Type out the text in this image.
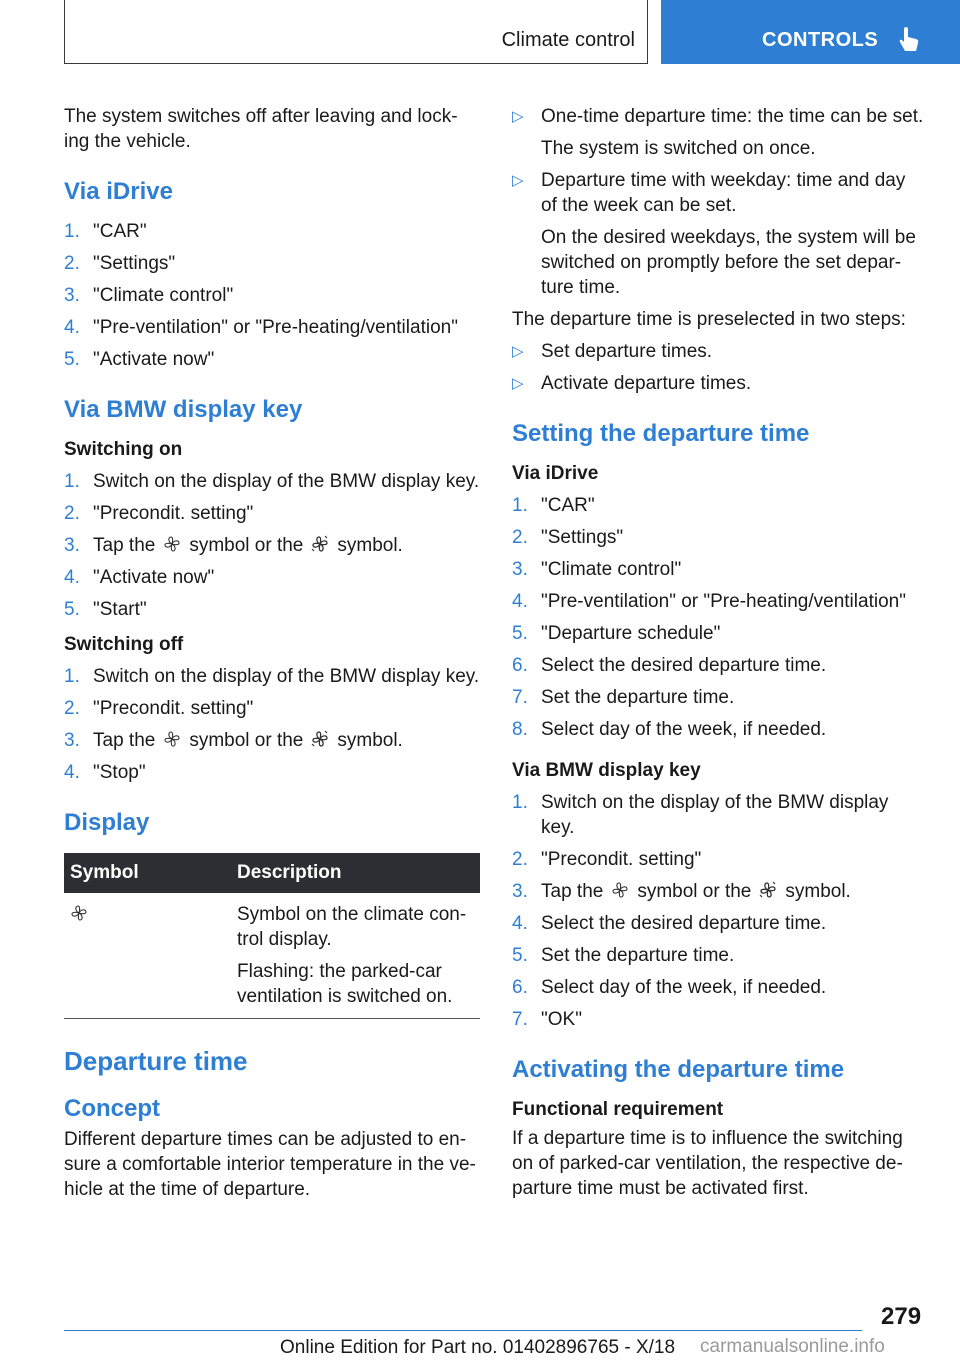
Climate control	CONTROLS

The system switches off after leaving and lock-ing the vehicle.

Via iDrive
1. "CAR"
2. "Settings"
3. "Climate control"
4. "Pre-ventilation" or "Pre-heating/ventilation"
5. "Activate now"
Via BMW display key
Switching on
1. Switch on the display of the BMW display key.
2. "Precondit. setting"
3. Tap the symbol or the symbol.
4. "Activate now"
5. "Start"
Switching off
1. Switch on the display of the BMW display key.
2. "Precondit. setting"
3. Tap the symbol or the symbol.
4. "Stop"
Display
Symbol	Description

Symbol on the climate con-trol display.

Flashing: the parked-car ventilation is switched on.

Departure time
Concept

Different departure times can be adjusted to en-sure a comfortable interior temperature in the ve-hicle at the time of departure.

▷ One-time departure time: the time can be set.
The system is switched on once.
▷ Departure time with weekday: time and day of the week can be set.
On the desired weekdays, the system will be switched on promptly before the set depar-ture time.

The departure time is preselected in two steps:

▷ Set departure times.
▷ Activate departure times.
Setting the departure time
Via iDrive
1. "CAR"
2. "Settings"
3. "Climate control"
4. "Pre-ventilation" or "Pre-heating/ventilation"
5. "Departure schedule"
6. Select the desired departure time.
7. Set the departure time.
8. Select day of the week, if needed.
Via BMW display key
1. Switch on the display of the BMW display key.
2. "Precondit. setting"
3. Tap the symbol or the symbol.
4. Select the desired departure time.
5. Set the departure time.
6. Select day of the week, if needed.
7. "OK"
Activating the departure time
Functional requirement

If a departure time is to influence the switching on of parked-car ventilation, the respective de-parture time must be activated first.

279
Online Edition for Part no. 01402896765 - X/18 carmanualsonline.info
